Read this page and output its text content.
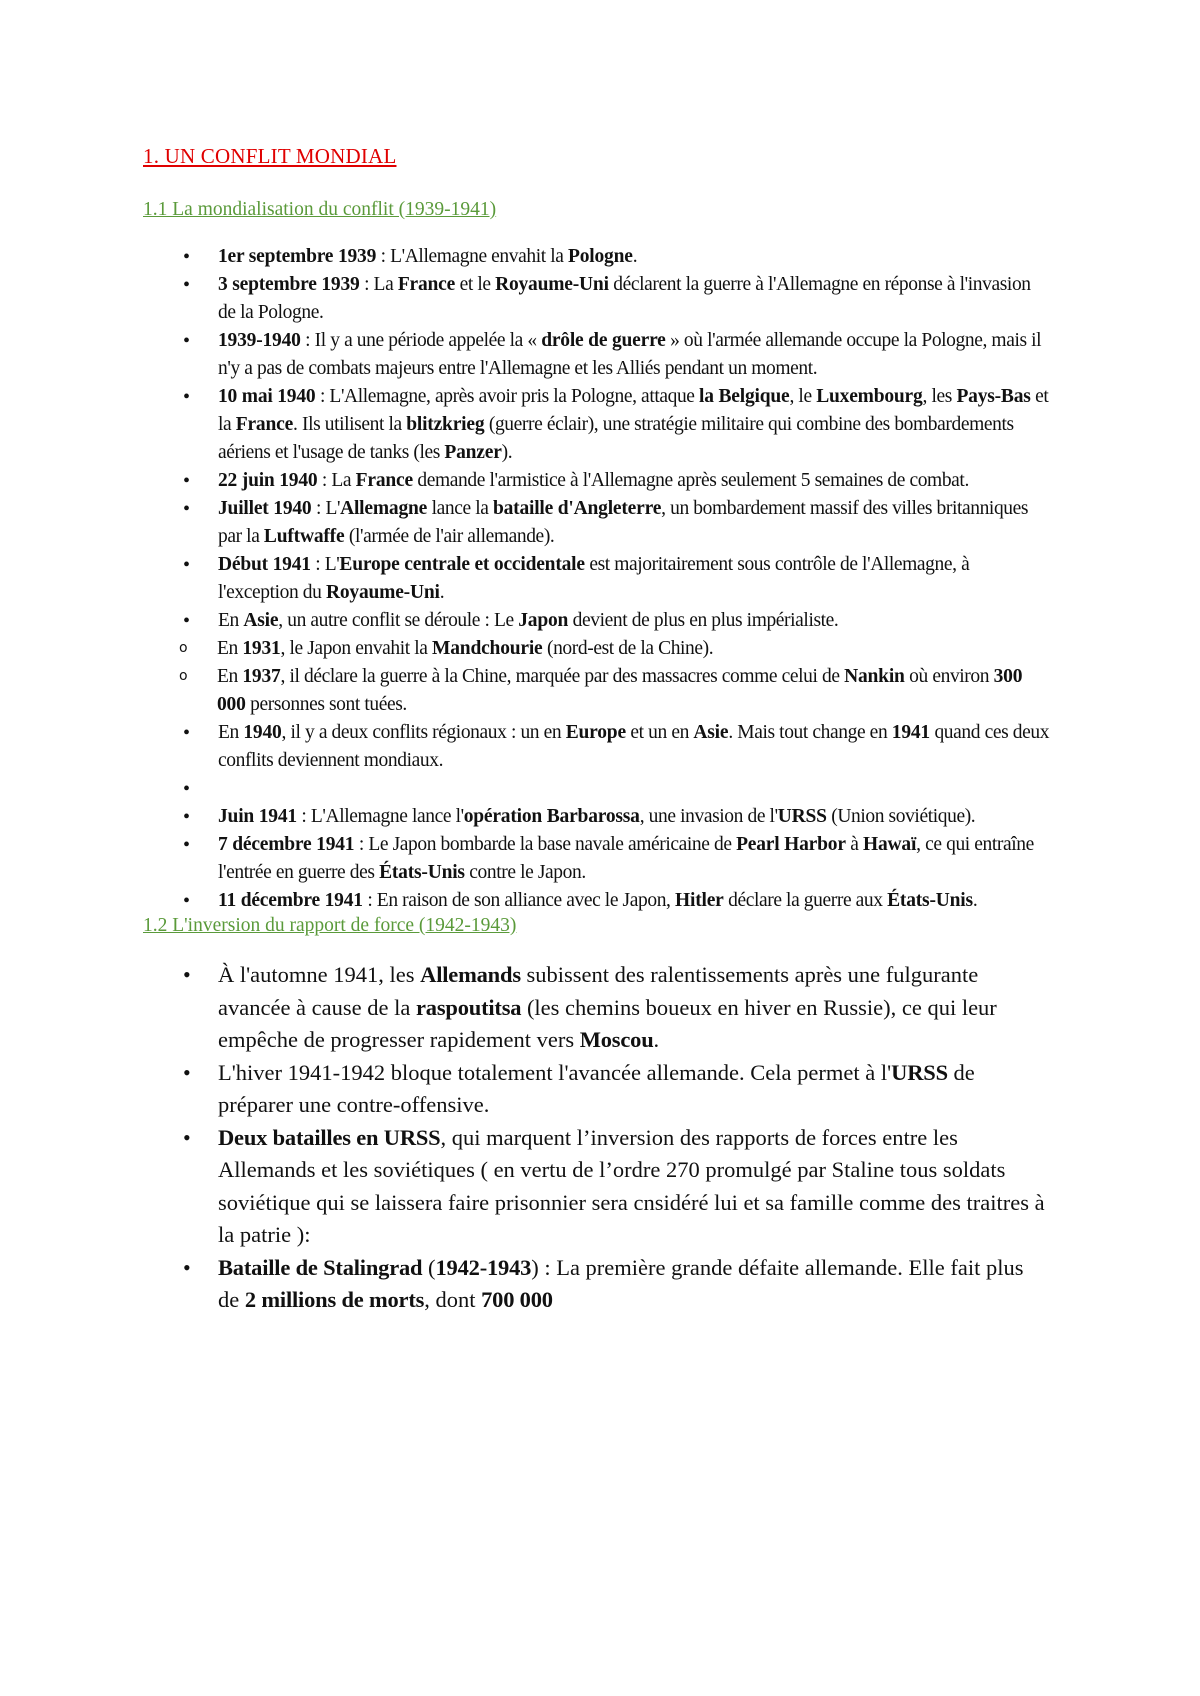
1. UN CONFLIT MONDIAL
1.1 La mondialisation du conflit (1939-1941)
• 1er septembre 1939 : L'Allemagne envahit la Pologne.
• 3 septembre 1939 : La France et le Royaume-Uni déclarent la guerre à l'Allemagne en réponse à l'invasion de la Pologne.
• 1939-1940 : Il y a une période appelée la « drôle de guerre » où l'armée allemande occupe la Pologne, mais il n'y a pas de combats majeurs entre l'Allemagne et les Alliés pendant un moment.
• 10 mai 1940 : L'Allemagne, après avoir pris la Pologne, attaque la Belgique, le Luxembourg, les Pays-Bas et la France. Ils utilisent la blitzkrieg (guerre éclair), une stratégie militaire qui combine des bombardements aériens et l'usage de tanks (les Panzer).
• 22 juin 1940 : La France demande l'armistice à l'Allemagne après seulement 5 semaines de combat.
• Juillet 1940 : L'Allemagne lance la bataille d'Angleterre, un bombardement massif des villes britanniques par la Luftwaffe (l'armée de l'air allemande).
• Début 1941 : L'Europe centrale et occidentale est majoritairement sous contrôle de l'Allemagne, à l'exception du Royaume-Uni.
• En Asie, un autre conflit se déroule : Le Japon devient de plus en plus impérialiste.
o En 1931, le Japon envahit la Mandchourie (nord-est de la Chine).
o En 1937, il déclare la guerre à la Chine, marquée par des massacres comme celui de Nankin où environ 300 000 personnes sont tuées.
• En 1940, il y a deux conflits régionaux : un en Europe et un en Asie. Mais tout change en 1941 quand ces deux conflits deviennent mondiaux.
•
• Juin 1941 : L'Allemagne lance l'opération Barbarossa, une invasion de l'URSS (Union soviétique).
• 7 décembre 1941 : Le Japon bombarde la base navale américaine de Pearl Harbor à Hawaï, ce qui entraîne l'entrée en guerre des États-Unis contre le Japon.
• 11 décembre 1941 : En raison de son alliance avec le Japon, Hitler déclare la guerre aux États-Unis.
1.2 L'inversion du rapport de force (1942-1943)
• À l'automne 1941, les Allemands subissent des ralentissements après une fulgurante avancée à cause de la raspoutitsa (les chemins boueux en hiver en Russie), ce qui leur empêche de progresser rapidement vers Moscou.
• L'hiver 1941-1942 bloque totalement l'avancée allemande. Cela permet à l'URSS de préparer une contre-offensive.
• Deux batailles en URSS, qui marquent l’inversion des rapports de forces entre les Allemands et les soviétiques ( en vertu de l’ordre 270 promulgé par Staline tous soldats soviétique qui se laissera faire prisonnier sera cnsidéré lui et sa famille comme des traitres à la patrie ):
• Bataille de Stalingrad (1942-1943) : La première grande défaite allemande. Elle fait plus de 2 millions de morts, dont 700 000
